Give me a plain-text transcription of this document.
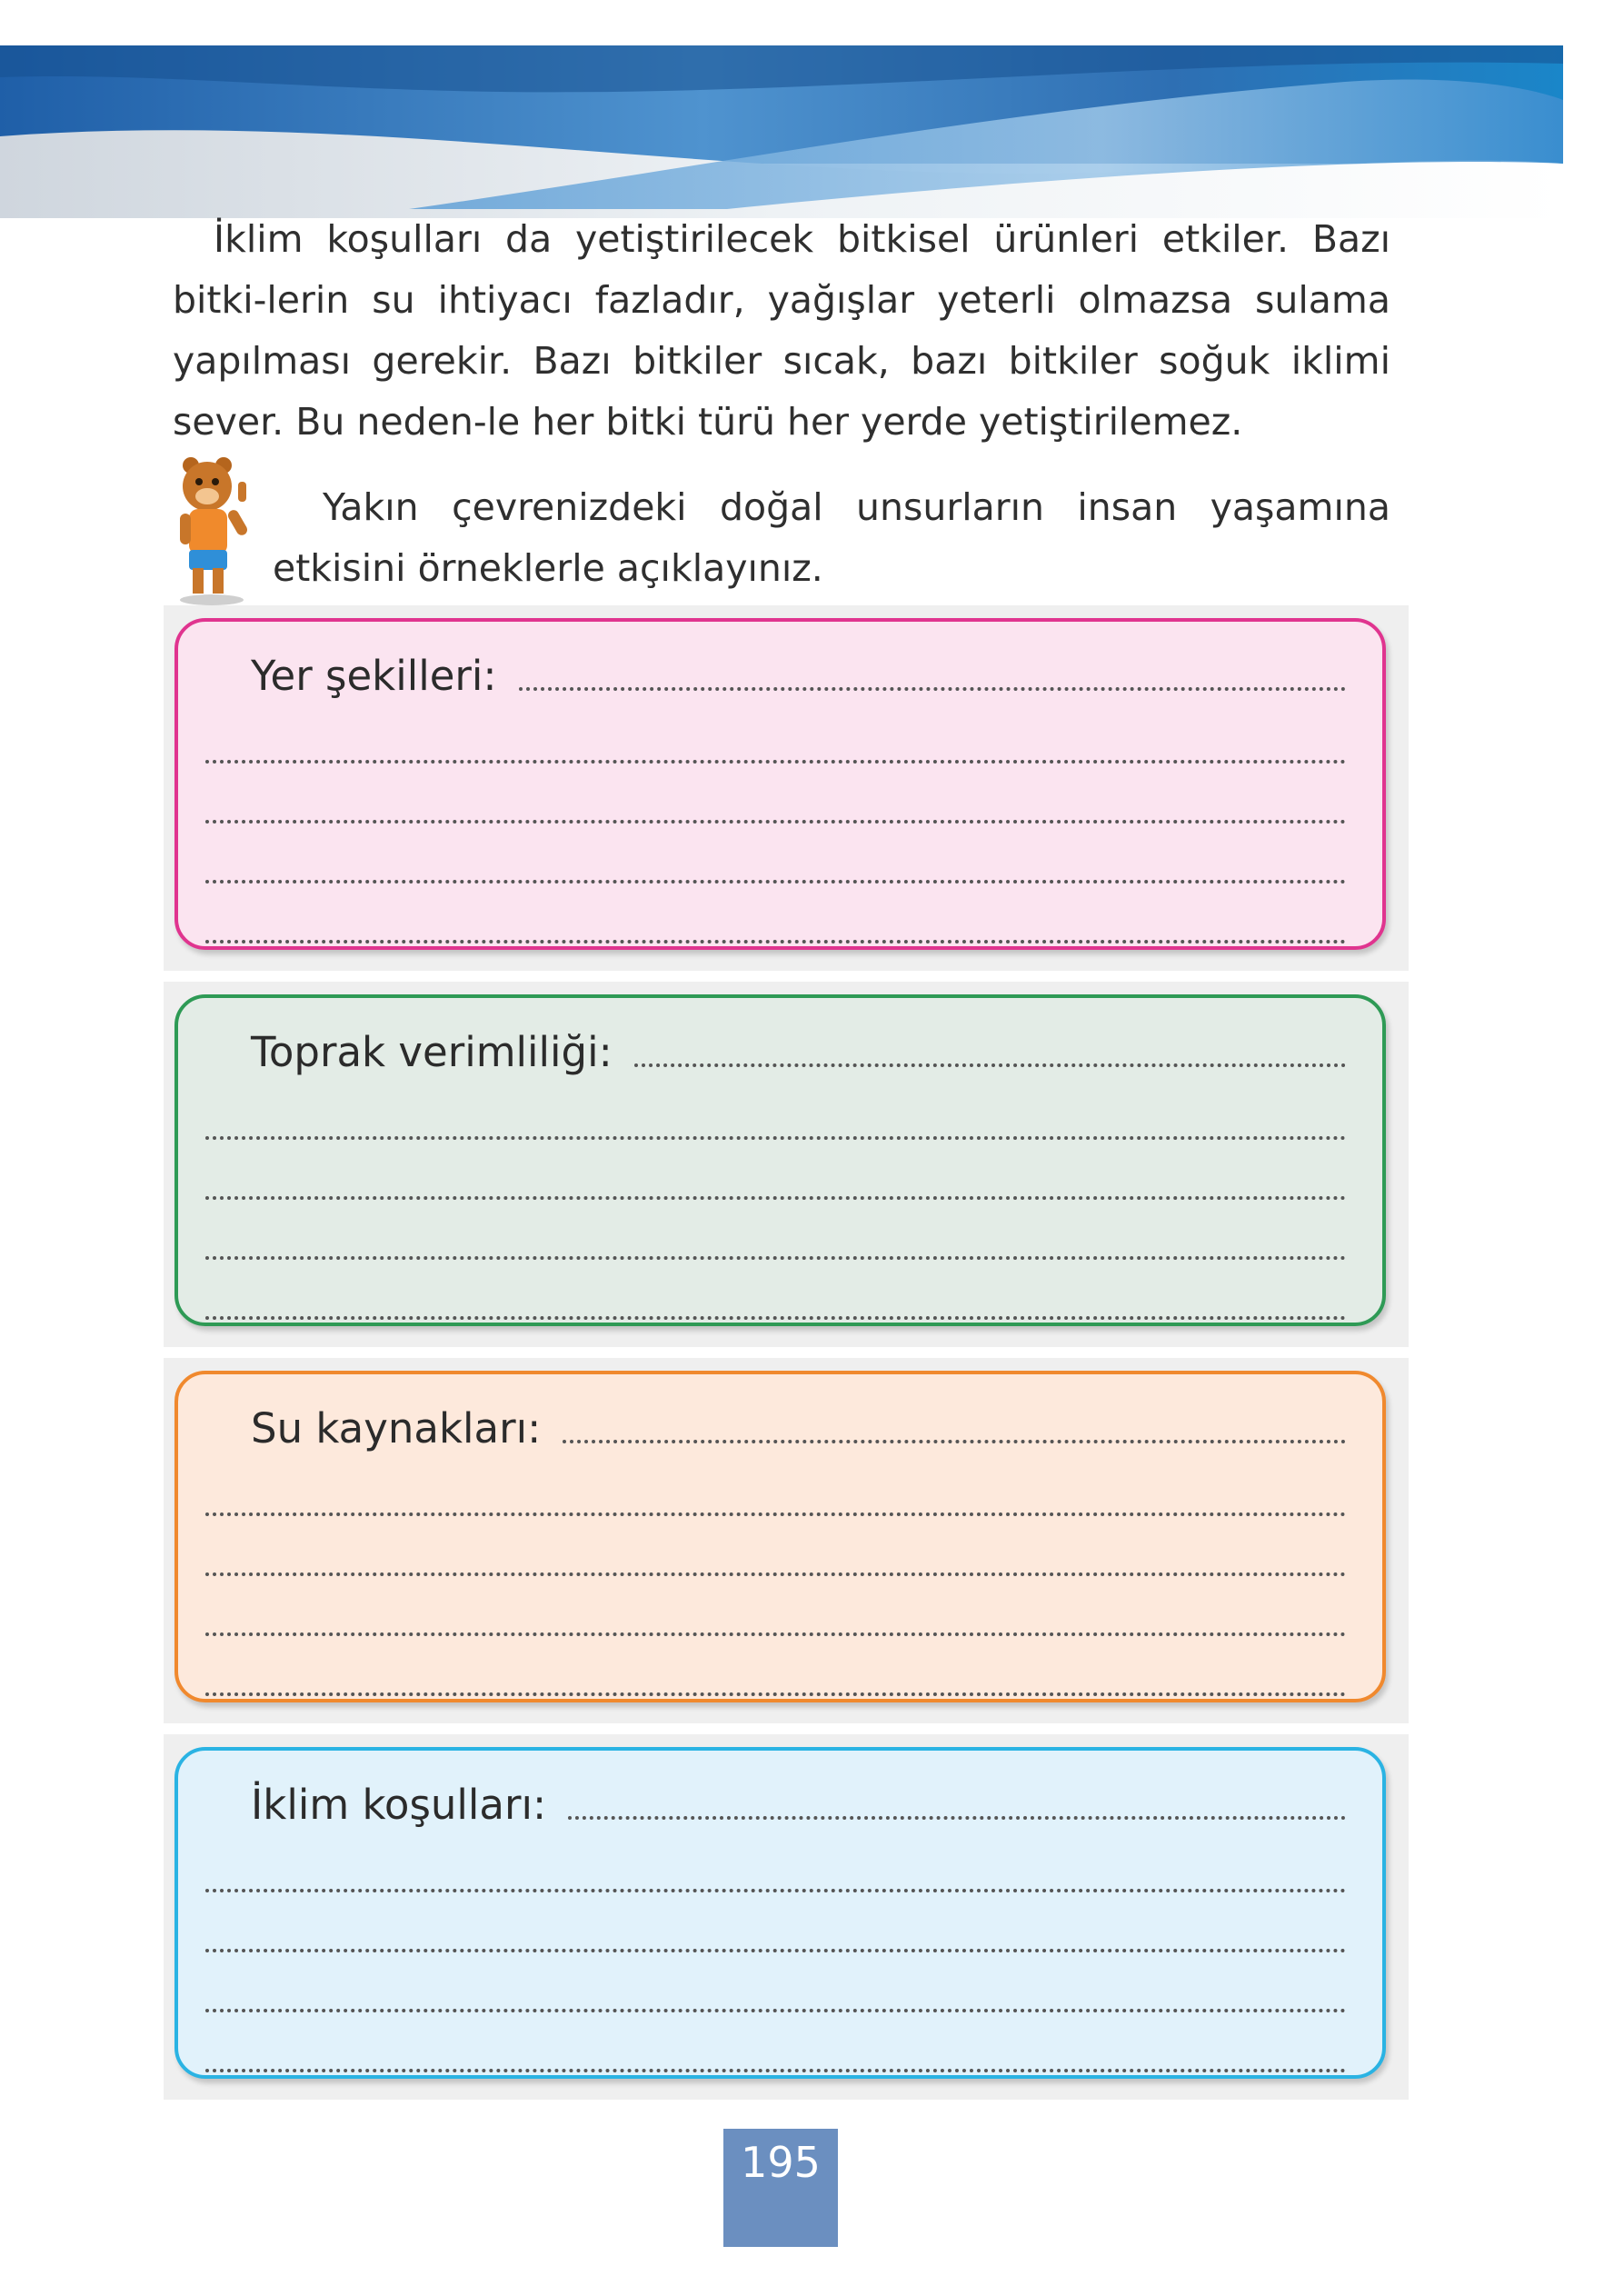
İklim koşulları da yetiştirilecek bitkisel ürünleri etkiler. Bazı bitki-lerin su ihtiyacı fazladır, yağışlar yeterli olmazsa sulama yapılması gerekir. Bazı bitkiler sıcak, bazı bitkiler soğuk iklimi sever. Bu neden-le her bitki türü her yerde yetiştirilemez.

Yakın çevrenizdeki doğal unsurların insan yaşamına etkisini örneklerle açıklayınız.
Yer şekilleri:
Toprak verimliliği:
Su kaynakları:
İklim koşulları:
195
